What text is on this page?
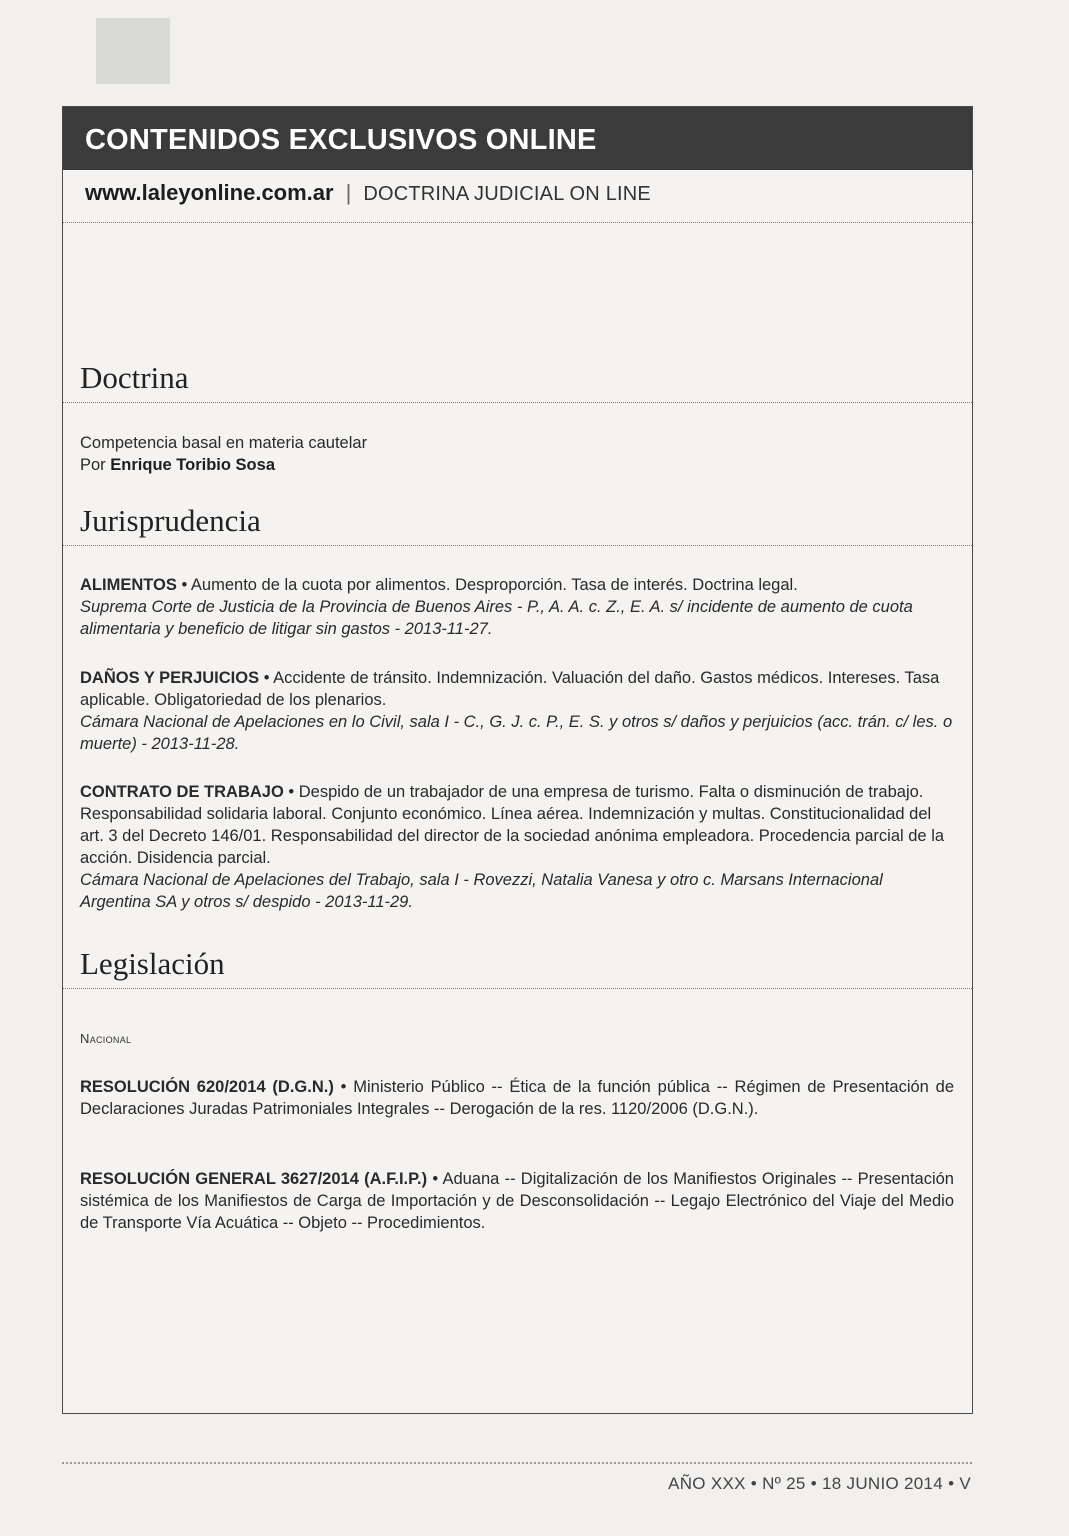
CONTENIDOS EXCLUSIVOS ONLINE
www.laleyonline.com.ar | DOCTRINA JUDICIAL ON LINE
Doctrina
Competencia basal en materia cautelar
Por Enrique Toribio Sosa
Jurisprudencia
ALIMENTOS • Aumento de la cuota por alimentos. Desproporción. Tasa de interés. Doctrina legal.
Suprema Corte de Justicia de la Provincia de Buenos Aires - P., A. A. c. Z., E. A. s/ incidente de aumento de cuota alimentaria y beneficio de litigar sin gastos - 2013-11-27.
DAÑOS Y PERJUICIOS • Accidente de tránsito. Indemnización. Valuación del daño. Gastos médicos. Intereses. Tasa aplicable. Obligatoriedad de los plenarios.
Cámara Nacional de Apelaciones en lo Civil, sala I - C., G. J. c. P., E. S. y otros s/ daños y perjuicios (acc. trán. c/ les. o muerte) - 2013-11-28.
CONTRATO DE TRABAJO • Despido de un trabajador de una empresa de turismo. Falta o disminución de trabajo. Responsabilidad solidaria laboral. Conjunto económico. Línea aérea. Indemnización y multas. Constitucionalidad del art. 3 del Decreto 146/01. Responsabilidad del director de la sociedad anónima empleadora. Procedencia parcial de la acción. Disidencia parcial.
Cámara Nacional de Apelaciones del Trabajo, sala I - Rovezzi, Natalia Vanesa y otro c. Marsans Internacional Argentina SA y otros s/ despido - 2013-11-29.
Legislación
Nacional
RESOLUCIÓN 620/2014 (D.G.N.) • Ministerio Público -- Ética de la función pública -- Régimen de Presentación de Declaraciones Juradas Patrimoniales Integrales -- Derogación de la res. 1120/2006 (D.G.N.).
RESOLUCIÓN GENERAL 3627/2014 (A.F.I.P.) • Aduana -- Digitalización de los Manifiestos Originales -- Presentación sistémica de los Manifiestos de Carga de Importación y de Desconsolidación -- Legajo Electrónico del Viaje del Medio de Transporte Vía Acuática -- Objeto -- Procedimientos.
AÑO XXX • Nº 25 • 18 JUNIO 2014 • V
